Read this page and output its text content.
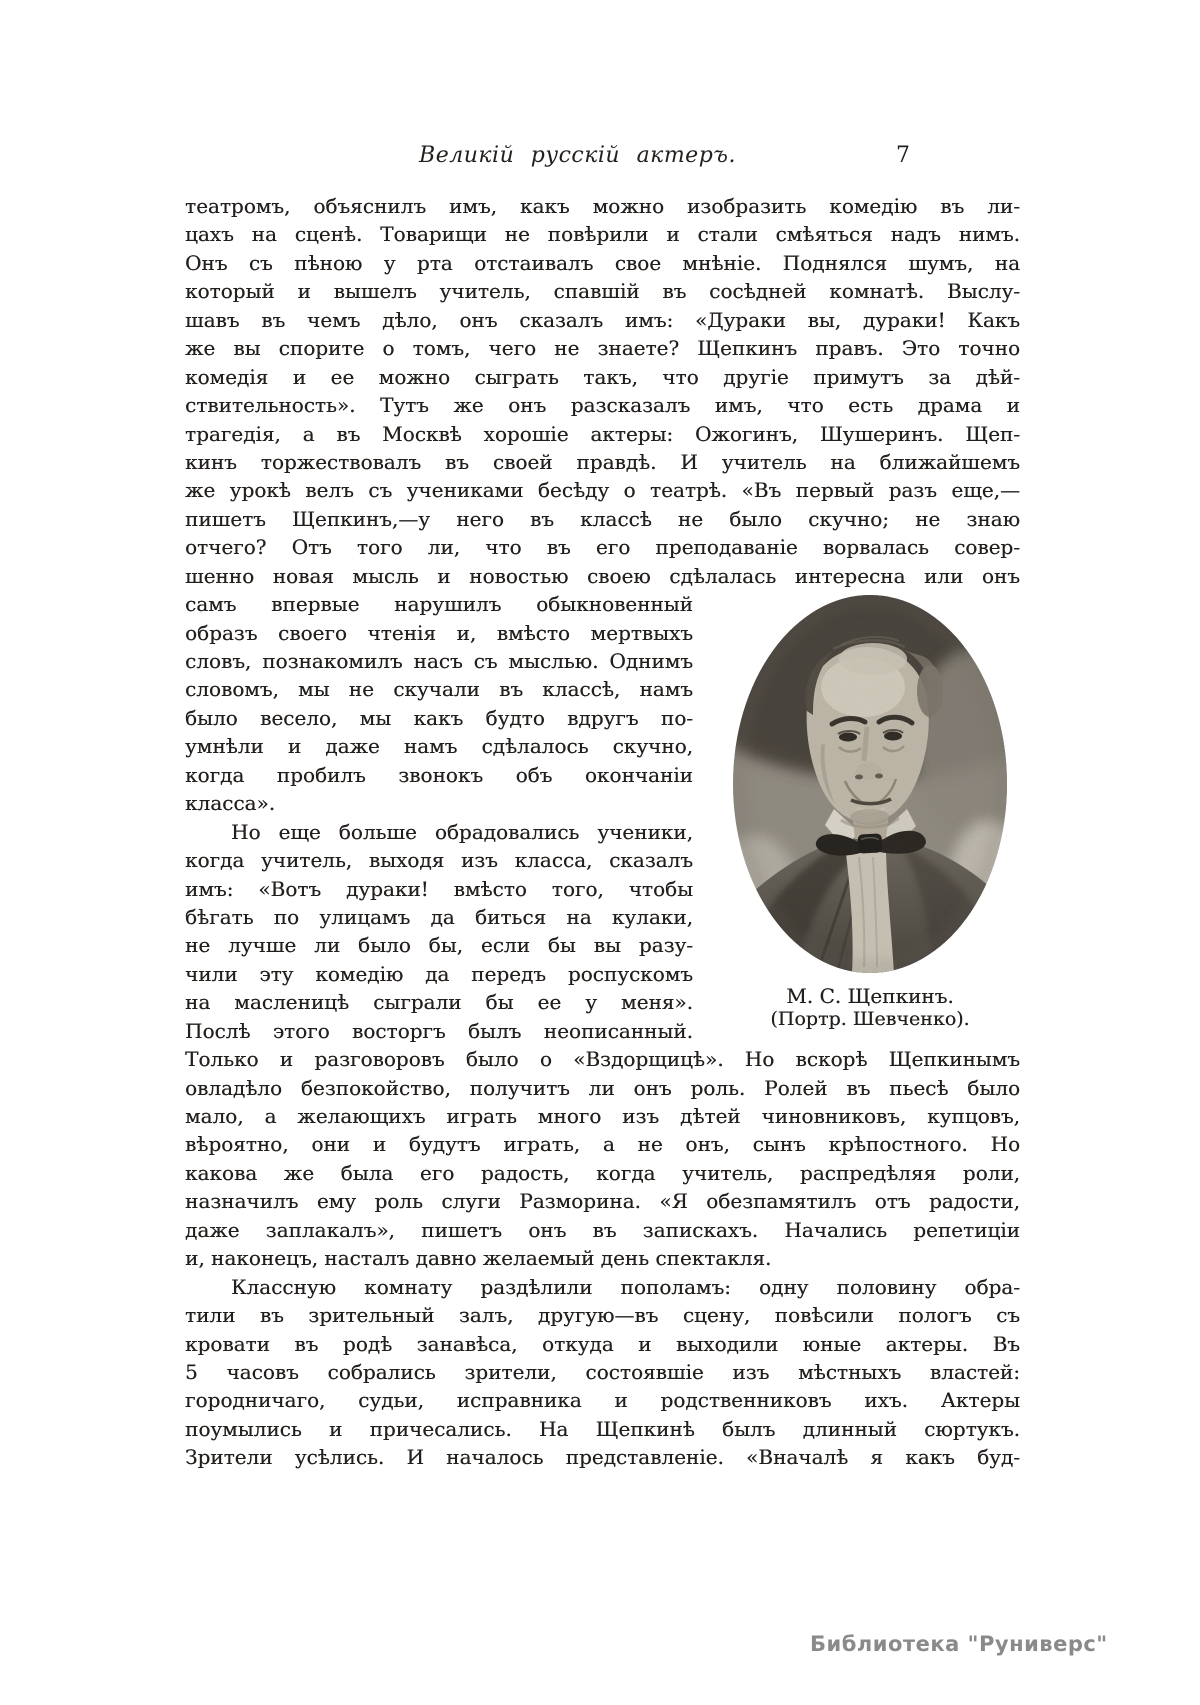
Великій русскій актеръ.	7
театромъ, объяснилъ имъ, какъ можно изобразить комедію въ ли-
цахъ на сценѣ. Товарищи не повѣрили и стали смѣяться надъ нимъ.
Онъ съ пѣною у рта отстаивалъ свое мнѣніе. Поднялся шумъ, на
который и вышелъ учитель, спавшій въ сосѣдней комнатѣ. Выслу-
шавъ въ чемъ дѣло, онъ сказалъ имъ: «Дураки вы, дураки! Какъ
же вы спорите о томъ, чего не знаете? Щепкинъ правъ. Это точно
комедія и ее можно сыграть такъ, что другіе примутъ за дѣй-
ствительность». Тутъ же онъ разсказалъ имъ, что есть драма и
трагедія, а въ Москвѣ хорошіе актеры: Ожогинъ, Шушеринъ. Щеп-
кинъ торжествовалъ въ своей правдѣ. И учитель на ближайшемъ
же урокѣ велъ съ учениками бесѣду о театрѣ. «Въ первый разъ еще,—
пишетъ Щепкинъ,—у него въ классѣ не было скучно; не знаю
отчего? Отъ того ли, что въ его преподаваніе ворвалась совер-
шенно новая мысль и новостью своею сдѣлалась интересна или онъ
самъ впервые нарушилъ обыкновенный
образъ своего чтенія и, вмѣсто мертвыхъ
словъ, познакомилъ насъ съ мыслью. Однимъ
словомъ, мы не скучали въ классѣ, намъ
было весело, мы какъ будто вдругъ по-
умнѣли и даже намъ сдѣлалось скучно,
когда пробилъ звонокъ объ окончаніи
класса».
Но еще больше обрадовались ученики,
когда учитель, выходя изъ класса, сказалъ
имъ: «Вотъ дураки! вмѣсто того, чтобы
бѣгать по улицамъ да биться на кулаки,
не лучше ли было бы, если бы вы разу-
чили эту комедію да передъ роспускомъ
на масленицѣ сыграли бы ее у меня».
Послѣ этого восторгъ былъ неописанный.
М. С. Щепкинъ.
(Портр. Шевченко).
Только и разговоровъ было о «Вздорщицѣ». Но вскорѣ Щепкинымъ
овладѣло безпокойство, получитъ ли онъ роль. Ролей въ пьесѣ было
мало, а желающихъ играть много изъ дѣтей чиновниковъ, купцовъ,
вѣроятно, они и будутъ играть, а не онъ, сынъ крѣпостного. Но
какова же была его радость, когда учитель, распредѣляя роли,
назначилъ ему роль слуги Разморина. «Я обезпамятилъ отъ радости,
даже заплакалъ», пишетъ онъ въ запискахъ. Начались репетиціи
и, наконецъ, насталъ давно желаемый день спектакля.
Классную комнату раздѣлили пополамъ: одну половину обра-
тили въ зрительный залъ, другую—въ сцену, повѣсили пологъ съ
кровати въ родѣ занавѣса, откуда и выходили юные актеры. Въ
5 часовъ собрались зрители, состоявшіе изъ мѣстныхъ властей:
городничаго, судьи, исправника и родственниковъ ихъ. Актеры
поумылись и причесались. На Щепкинѣ былъ длинный сюртукъ.
Зрители усѣлись. И началось представленіе. «Вначалѣ я какъ буд-
Библиотека "Руниверс"
